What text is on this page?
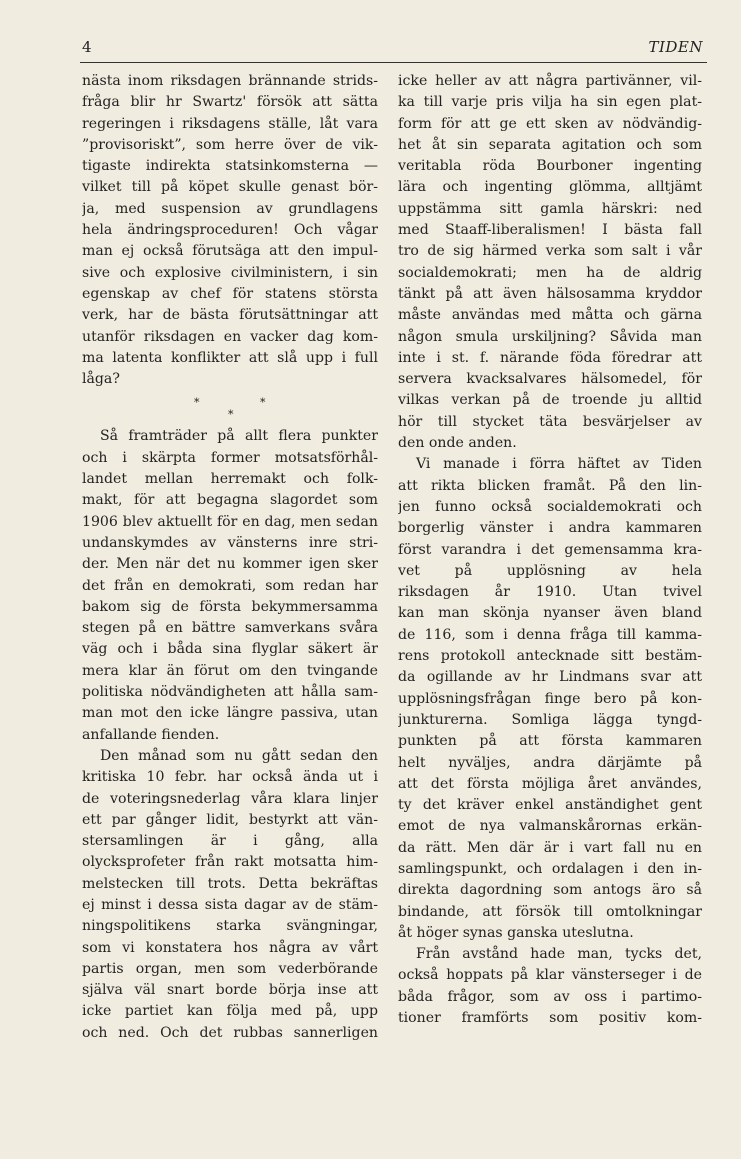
4	TIDEN
nästa inom riksdagen brännande strids-
fråga blir hr Swartz' försök att sätta
regeringen i riksdagens ställe, låt vara
”provisoriskt”, som herre över de vik-
tigaste indirekta statsinkomsterna —
vilket till på köpet skulle genast bör-
ja, med suspension av grundlagens
hela ändringsproceduren! Och vågar
man ej också förutsäga att den impul-
sive och explosive civilministern, i sin
egenskap av chef för statens största
verk, har de bästa förutsättningar att
utanför riksdagen en vacker dag kom-
ma latenta konflikter att slå upp i full
låga?
*
*
*
Så framträder på allt flera punkter
och i skärpta former motsatsförhål-
landet mellan herremakt och folk-
makt, för att begagna slagordet som
1906 blev aktuellt för en dag, men sedan
undanskymdes av vänsterns inre stri-
der. Men när det nu kommer igen sker
det från en demokrati, som redan har
bakom sig de första bekymmersamma
stegen på en bättre samverkans svåra
väg och i båda sina flyglar säkert är
mera klar än förut om den tvingande
politiska nödvändigheten att hålla sam-
man mot den icke längre passiva, utan
anfallande fienden.
Den månad som nu gått sedan den
kritiska 10 febr. har också ända ut i
de voteringsnederlag våra klara linjer
ett par gånger lidit, bestyrkt att vän-
stersamlingen är i gång, alla
olycksprofeter från rakt motsatta him-
melstecken till trots. Detta bekräftas
ej minst i dessa sista dagar av de stäm-
ningspolitikens starka svängningar,
som vi konstatera hos några av vårt
partis organ, men som vederbörande
själva väl snart borde börja inse att
icke partiet kan följa med på, upp
och ned. Och det rubbas sannerligen
icke heller av att några partivänner, vil-
ka till varje pris vilja ha sin egen plat-
form för att ge ett sken av nödvändig-
het åt sin separata agitation och som
veritabla röda Bourboner ingenting
lära och ingenting glömma, alltjämt
uppstämma sitt gamla härskri: ned
med Staaff-liberalismen! I bästa fall
tro de sig härmed verka som salt i vår
socialdemokrati; men ha de aldrig
tänkt på att även hälsosamma kryddor
måste användas med måtta och gärna
någon smula urskiljning? Såvida man
inte i st. f. närande föda föredrar att
servera kvacksalvares hälsomedel, för
vilkas verkan på de troende ju alltid
hör till stycket täta besvärjelser av
den onde anden.
Vi manade i förra häftet av Tiden
att rikta blicken framåt. På den lin-
jen funno också socialdemokrati och
borgerlig vänster i andra kammaren
först varandra i det gemensamma kra-
vet på upplösning av hela
riksdagen år 1910. Utan tvivel
kan man skönja nyanser även bland
de 116, som i denna fråga till kamma-
rens protokoll antecknade sitt bestäm-
da ogillande av hr Lindmans svar att
upplösningsfrågan finge bero på kon-
junkturerna. Somliga lägga tyngd-
punkten på att första kammaren
helt nyväljes, andra därjämte på
att det första möjliga året användes,
ty det kräver enkel anständighet gent
emot de nya valmanskårornas erkän-
da rätt. Men där är i vart fall nu en
samlingspunkt, och ordalagen i den in-
direkta dagordning som antogs äro så
bindande, att försök till omtolkningar
åt höger synas ganska uteslutna.
Från avstånd hade man, tycks det,
också hoppats på klar vänsterseger i de
båda frågor, som av oss i partimo-
tioner framförts som positiv kom-
